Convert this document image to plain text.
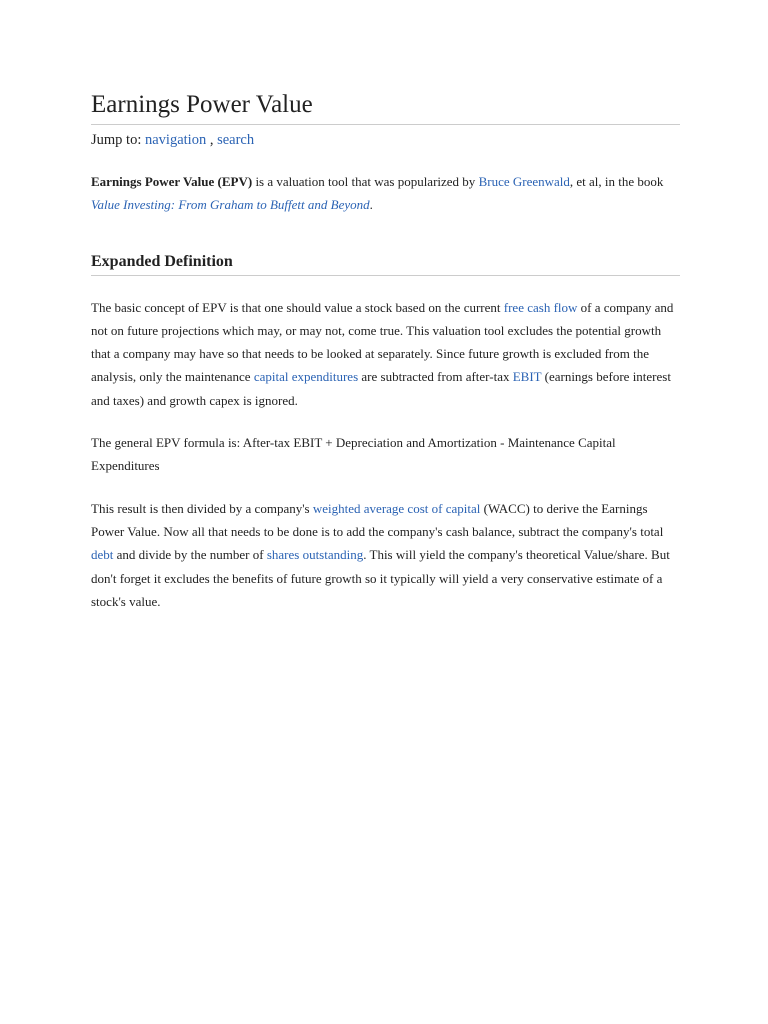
Earnings Power Value
Jump to: navigation , search

Earnings Power Value (EPV) is a valuation tool that was popularized by Bruce Greenwald, et al, in the book Value Investing: From Graham to Buffett and Beyond.

Expanded Definition

The basic concept of EPV is that one should value a stock based on the current free cash flow of a company and not on future projections which may, or may not, come true. This valuation tool excludes the potential growth that a company may have so that needs to be looked at separately. Since future growth is excluded from the analysis, only the maintenance capital expenditures are subtracted from after-tax EBIT (earnings before interest and taxes) and growth capex is ignored.

The general EPV formula is: After-tax EBIT + Depreciation and Amortization - Maintenance Capital Expenditures

This result is then divided by a company's weighted average cost of capital (WACC) to derive the Earnings Power Value. Now all that needs to be done is to add the company's cash balance, subtract the company's total debt and divide by the number of shares outstanding. This will yield the company's theoretical Value/share. But don't forget it excludes the benefits of future growth so it typically will yield a very conservative estimate of a stock's value.
